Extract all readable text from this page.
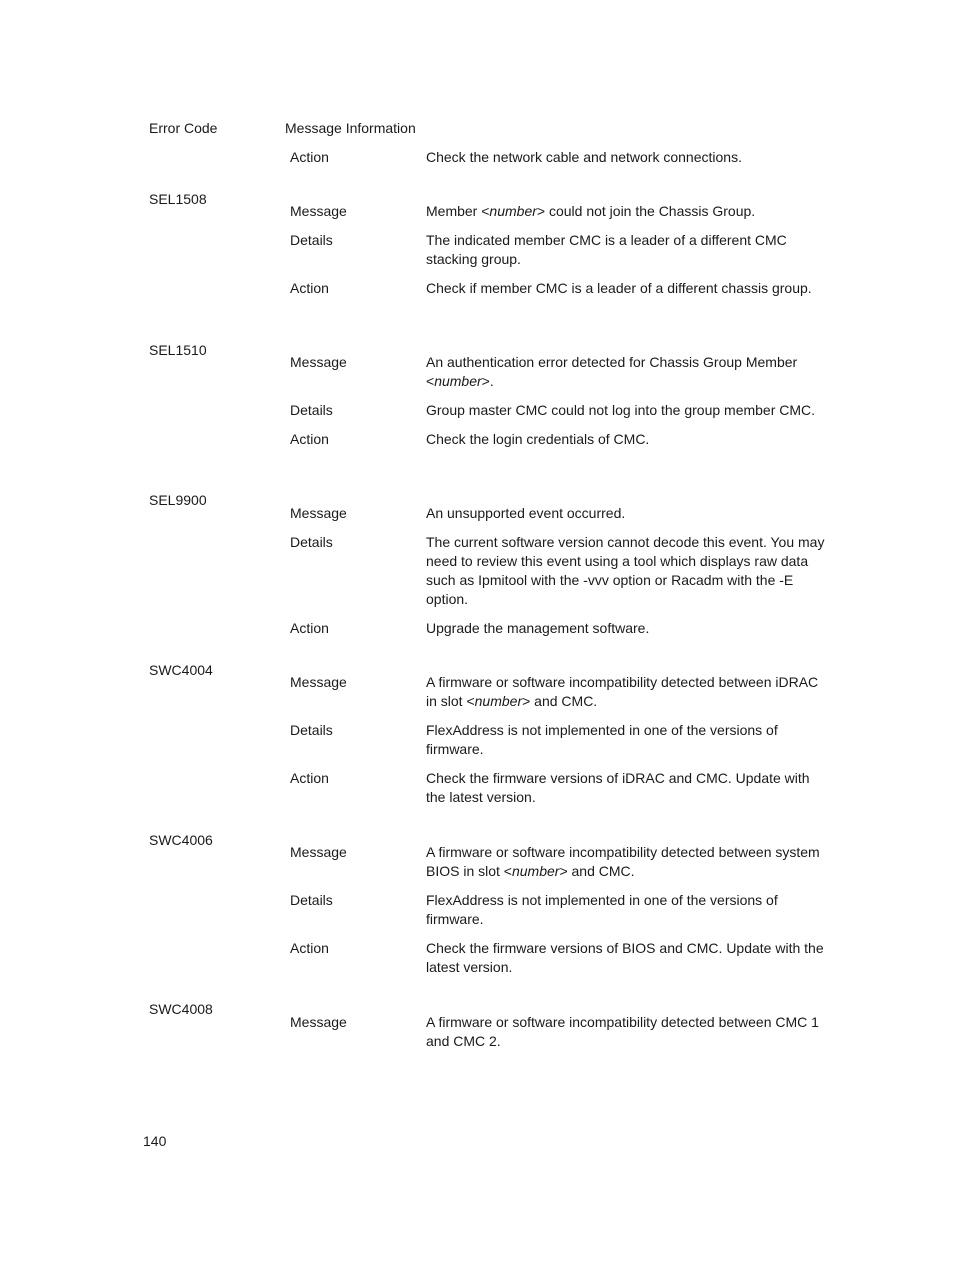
Error Code	Message Information
Action	Check the network cable and network connections.
SEL1508
Message	Member <number> could not join the Chassis Group.
Details	The indicated member CMC is a leader of a different CMC stacking group.
Action	Check if member CMC is a leader of a different chassis group.
SEL1510
Message	An authentication error detected for Chassis Group Member <number>.
Details	Group master CMC could not log into the group member CMC.
Action	Check the login credentials of CMC.
SEL9900
Message	An unsupported event occurred.
Details	The current software version cannot decode this event. You may need to review this event using a tool which displays raw data such as Ipmitool with the -vvv option or Racadm with the -E option.
Action	Upgrade the management software.
SWC4004
Message	A firmware or software incompatibility detected between iDRAC in slot <number> and CMC.
Details	FlexAddress is not implemented in one of the versions of firmware.
Action	Check the firmware versions of iDRAC and CMC. Update with the latest version.
SWC4006
Message	A firmware or software incompatibility detected between system BIOS in slot <number> and CMC.
Details	FlexAddress is not implemented in one of the versions of firmware.
Action	Check the firmware versions of BIOS and CMC. Update with the latest version.
SWC4008
Message	A firmware or software incompatibility detected between CMC 1 and CMC 2.
140
